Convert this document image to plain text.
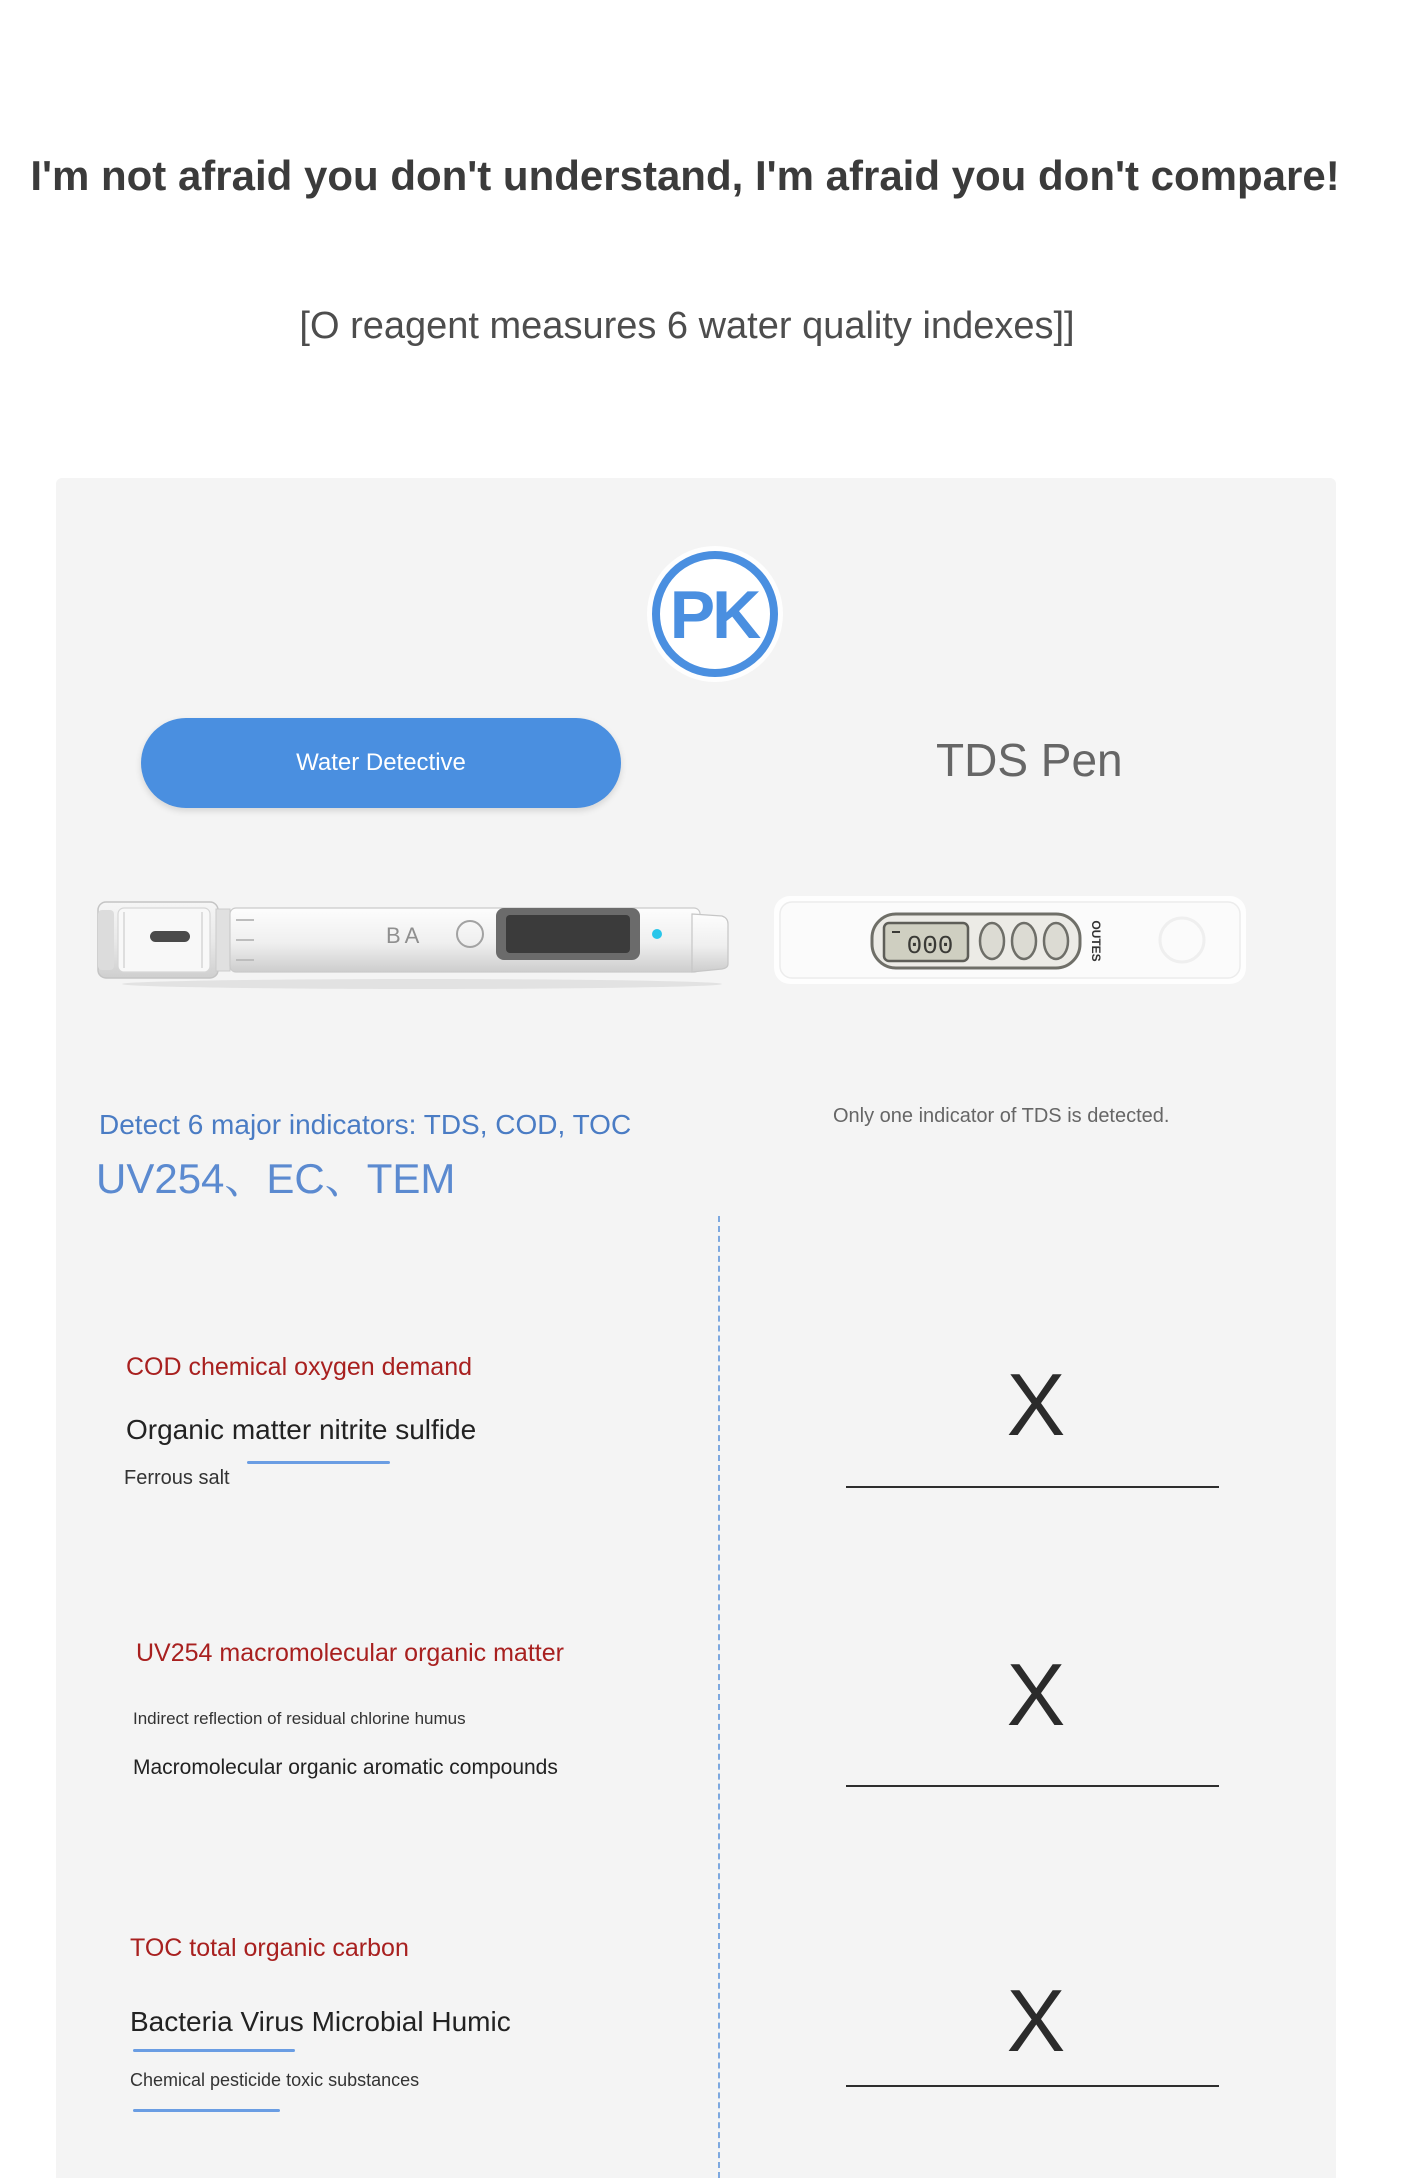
I'm not afraid you don't understand, I'm afraid you don't compare!
[O reagent measures 6 water quality indexes]]
PK
Water Detective	TDS Pen
BA	000	OUTES
Detect 6 major indicators: TDS, COD, TOC
UV254、EC、TEM
Only one indicator of TDS is detected.
COD chemical oxygen demand
Organic matter nitrite sulfide
Ferrous salt
X
UV254 macromolecular organic matter
Indirect reflection of residual chlorine humus
Macromolecular organic aromatic compounds
X
TOC total organic carbon
Bacteria Virus Microbial Humic
Chemical pesticide toxic substances
X
